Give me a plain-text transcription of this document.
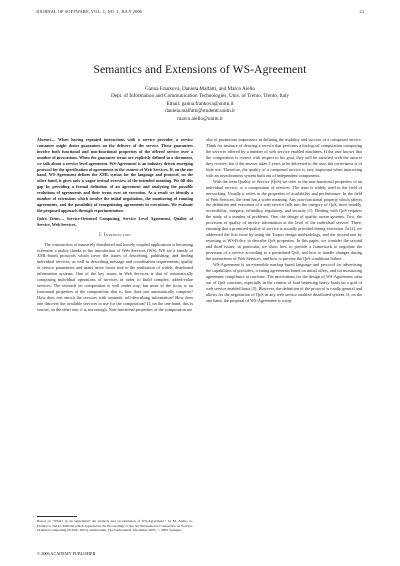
JOURNAL OF SOFTWARE, VOL. 1, NO. 1, JULY 2006	23
Semantics and Extensions of WS-Agreement
Ganna Frankova, Daniela Malfatti, and Marco Aiello
Dept. of Information and Communication Technologies, Univ. of Trento, Trento, Italy
Email: ganna.frankova@unitn.it
daniela.malfatti@studenti.unitn.it
marco.aiello@unitn.it

Abstract— When having repeated interactions with a service provider, a service consumer might desire guarantees on the delivery of the service. These guarantees involve both functional and non-functional properties of the offered service over a number of invocations. When the guarantee terms are explicitly defined in a document, we talk about a service level agreement. WS-Agreement is an industry driven emerging protocol for the specification of agreements in the context of Web Services. If, on the one hand, WS-Agreement defines the XML syntax for the language and protocol, on the other hand, it gives only a vague textual overview of the intended meaning. We fill this gap by providing a formal definition of an agreement and analyzing the possible evolutions of agreements and their terms over an execution. As a result we identify a number of extensions which involve the initial negotiation, the monitoring of running agreements, and the possibility of renegotiating agreements in executions. We evaluate the proposed approach through experimentation.

Index Terms— Service-Oriented Computing, Service Level Agreement, Quality of Service, Web Services.

I. Introduction

The construction of massively distributed and loosely coupled applications is becoming evermore a reality thanks to the introduction of Web Services (WS). WS are a family of XML-based protocols which cover the issues of describing, publishing, and finding individual services, as well as describing message and coordination requirements, quality of service parameters and many more facets tied to the realization of widely distributed information systems. One of the key issues in Web Services is that of automatically composing individual operations of services in order to build complex, added-value services. The research on composition is well under way, but most of the focus is on functional properties of the composition, that is, how does one automatically compose? How does one enrich the services with semantic self-describing information? How does one discover the available services to use for the composition? If, on the one hand, this is crucial, on the other one, it is not enough. Non-functional properties of the composition are

Based on "What's in an agreement? An analysis and an extension of WS-Agreement," by M. Aiello, G. Frankova, and D. Malfatti which appeared in the Proceedings of the 3rd International Conference on Service-Oriented Computing (ICSOC 2005), Amsterdam, The Netherlands, December 2005. © 2005 Springer.
© 2006 ACADEMY PUBLISHER

also of paramount importance in defining the usability and success of a composed service. Think for instance of desiring a service that performs a biological computation composing the services offered by a number of web service enabled machines. If the user knows that the composition is correct with respect to his goal, they will be satisfied with the answer they receive, but if the answer takes 3 years to be delivered to the user, the correctness is of little use. Therefore, the quality of a composed service is very important when interacting with an asynchronous system built out of independent components.

With the term Quality of Service (QoS) we refer to the non-functional properties of an individual service, or a composition of services. The term is widely used in the field of networking. Usually it refers to the properties of availability and performance. In the field of Web Services, the term has a wider meaning. Any non-functional property which affects the definition and execution of a web service falls into the category of QoS, most notably, accessibility, integrity, reliability, regulatory, and security [1]. Dealing with QoS requires the study of a number of problems. One, the design of quality aware systems. Two, the provision of quality of service information at the level of the individual service. Three, ensuring that a promised quality of service is actually provided during execution. In [2], we addressed the first issue by using the Tropos design methodology, and the second one by resorting to WS-Policy to describe QoS properties. In this paper, we consider the second and third issues; in particular, we show how to provide a framework to negotiate the provision of a service according to a predefined QoS, and how to handle changes during the interactions of Web Services, and how to prevent the QoS conditions failure.

WS-Agreement is an extensible markup based language and protocol for advertising the capabilities of providers, creating agreements based on initial offers, and for monitoring agreement compliance at run-time. The motivations for the design of WS-Agreement stem out of QoS concerns, especially in the context of load balancing heavy loads on a grid of web service enabled hosts [3]. However, the definition of the protocol is totally general and allows for the negotiation of QoS in any web service enabled distributed system. If, on the one hand, the proposal of WS-Agreement is a step
